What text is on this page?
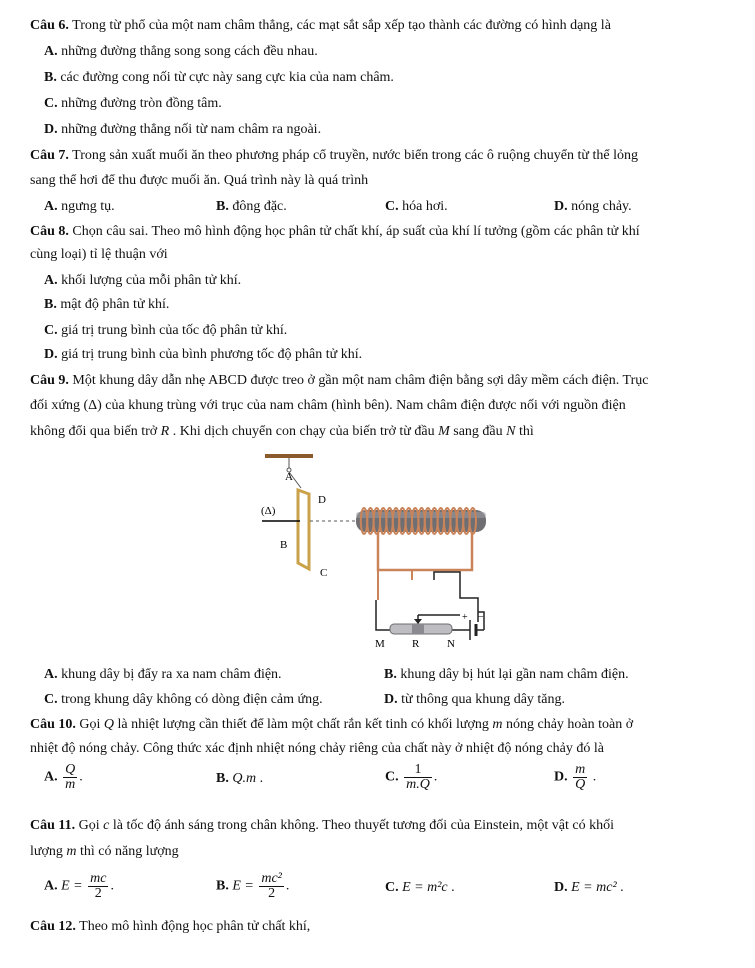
Câu 6. Trong từ phổ của một nam châm thẳng, các mạt sắt sắp xếp tạo thành các đường có hình dạng là
A. những đường thẳng song song cách đều nhau.
B. các đường cong nối từ cực này sang cực kia của nam châm.
C. những đường tròn đồng tâm.
D. những đường thẳng nối từ nam châm ra ngoài.
Câu 7. Trong sản xuất muối ăn theo phương pháp cổ truyền, nước biển trong các ô ruộng chuyển từ thể lỏng
sang thể hơi để thu được muối ăn. Quá trình này là quá trình
A. ngưng tụ.	B. đông đặc.	C. hóa hơi.	D. nóng chảy.
Câu 8. Chọn câu sai. Theo mô hình động học phân tử chất khí, áp suất của khí lí tưởng (gồm các phân tử khí
cùng loại) tỉ lệ thuận với
A. khối lượng của mỗi phân tử khí.
B. mật độ phân tử khí.
C. giá trị trung bình của tốc độ phân tử khí.
D. giá trị trung bình của bình phương tốc độ phân tử khí.
Câu 9. Một khung dây dẫn nhẹ ABCD được treo ở gần một nam châm điện bằng sợi dây mềm cách điện. Trục
đối xứng (Δ) của khung trùng với trục của nam châm (hình bên). Nam châm điện được nối với nguồn điện
không đổi qua biến trở R . Khi dịch chuyển con chạy của biến trở từ đầu M sang đầu N thì
A
D
(Δ)
B
C
+ −
M R	N
A. khung dây bị đẩy ra xa nam châm điện.	B. khung dây bị hút lại gần nam châm điện.
C. trong khung dây không có dòng điện cảm ứng.	D. từ thông qua khung dây tăng.
Câu 10. Gọi Q là nhiệt lượng cần thiết để làm một chất rắn kết tinh có khối lượng m nóng chảy hoàn toàn ở
nhiệt độ nóng chảy. Công thức xác định nhiệt nóng chảy riêng của chất này ở nhiệt độ nóng chảy đó là
A. $\frac{Q}{m}$ .	B. Q.m .	C. $\frac{1}{m.Q}$ .	D. $\frac{m}{Q}$ .
Câu 11. Gọi c là tốc độ ánh sáng trong chân không. Theo thuyết tương đối của Einstein, một vật có khối
lượng m thì có năng lượng
A. $E = \frac{mc}{2}$ .	B. $E = \frac{\text{mc²}}{2}$ .	C. E = m²c .	D. E = mc² .
Câu 12. Theo mô hình động học phân tử chất khí,
